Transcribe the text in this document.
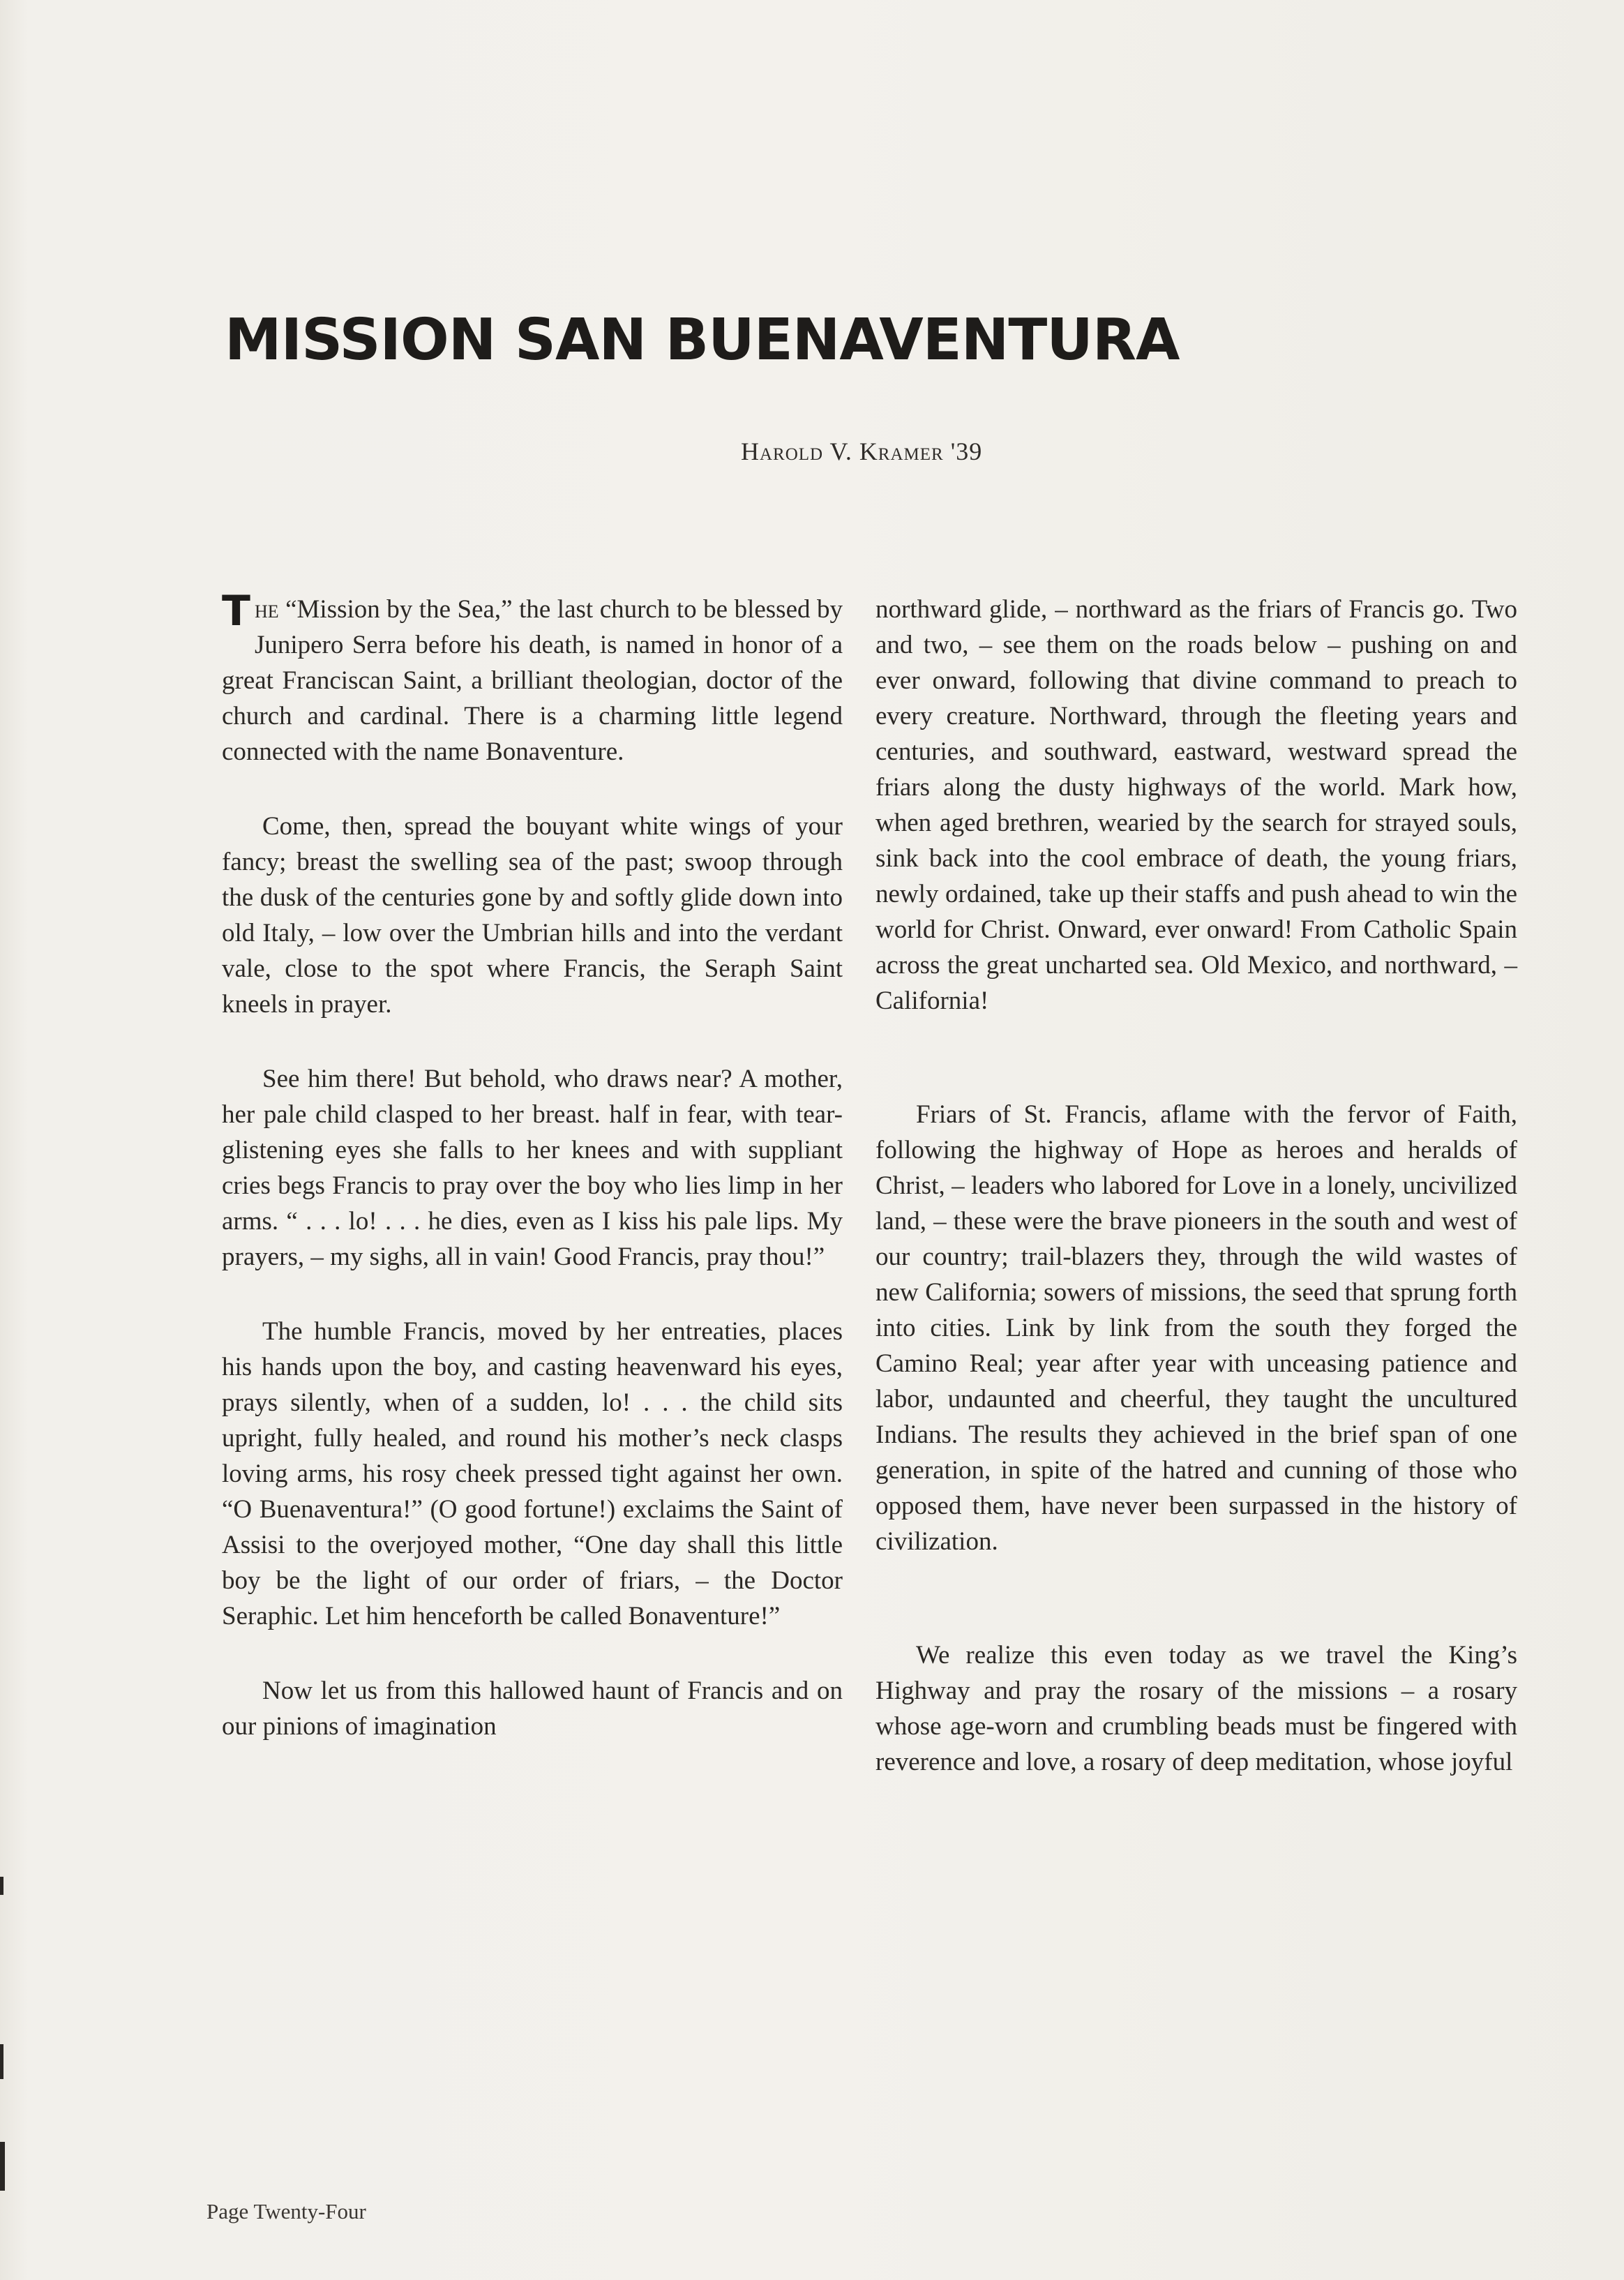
MISSION SAN BUENAVENTURA
Harold V. Kramer '39

The “Mission by the Sea,” the last church to be blessed by Junipero Serra before his death, is named in honor of a great Franciscan Saint, a brilliant theologian, doctor of the church and cardinal. There is a charming little legend connected with the name Bonaventure.

Come, then, spread the bouyant white wings of your fancy; breast the swelling sea of the past; swoop through the dusk of the centuries gone by and softly glide down into old Italy, – low over the Umbrian hills and into the verdant vale, close to the spot where Francis, the Seraph Saint kneels in prayer.

See him there! But behold, who draws near? A mother, her pale child clasped to her breast. half in fear, with tear-glistening eyes she falls to her knees and with suppliant cries begs Francis to pray over the boy who lies limp in her arms. “ . . . lo! . . . he dies, even as I kiss his pale lips. My prayers, – my sighs, all in vain! Good Francis, pray thou!”

The humble Francis, moved by her entreaties, places his hands upon the boy, and casting heavenward his eyes, prays silently, when of a sudden, lo! . . . the child sits upright, fully healed, and round his mother’s neck clasps loving arms, his rosy cheek pressed tight against her own. “O Buenaventura!” (O good fortune!) exclaims the Saint of Assisi to the overjoyed mother, “One day shall this little boy be the light of our order of friars, – the Doctor Seraphic. Let him henceforth be called Bonaventure!”

Now let us from this hallowed haunt of Francis and on our pinions of imagination

northward glide, – northward as the friars of Francis go. Two and two, – see them on the roads below – pushing on and ever onward, following that divine command to preach to every creature. Northward, through the fleeting years and centuries, and southward, eastward, westward spread the friars along the dusty highways of the world. Mark how, when aged brethren, wearied by the search for strayed souls, sink back into the cool embrace of death, the young friars, newly ordained, take up their staffs and push ahead to win the world for Christ. Onward, ever onward! From Catholic Spain across the great uncharted sea. Old Mexico, and northward, – California!

Friars of St. Francis, aflame with the fervor of Faith, following the highway of Hope as heroes and heralds of Christ, – leaders who labored for Love in a lonely, uncivilized land, – these were the brave pioneers in the south and west of our country; trail-blazers they, through the wild wastes of new California; sowers of missions, the seed that sprung forth into cities. Link by link from the south they forged the Camino Real; year after year with unceasing patience and labor, undaunted and cheerful, they taught the uncultured Indians. The results they achieved in the brief span of one generation, in spite of the hatred and cunning of those who opposed them, have never been surpassed in the history of civilization.

We realize this even today as we travel the King’s Highway and pray the rosary of the missions – a rosary whose age-worn and crumbling beads must be fingered with reverence and love, a rosary of deep meditation, whose joyful

Page Twenty-Four
